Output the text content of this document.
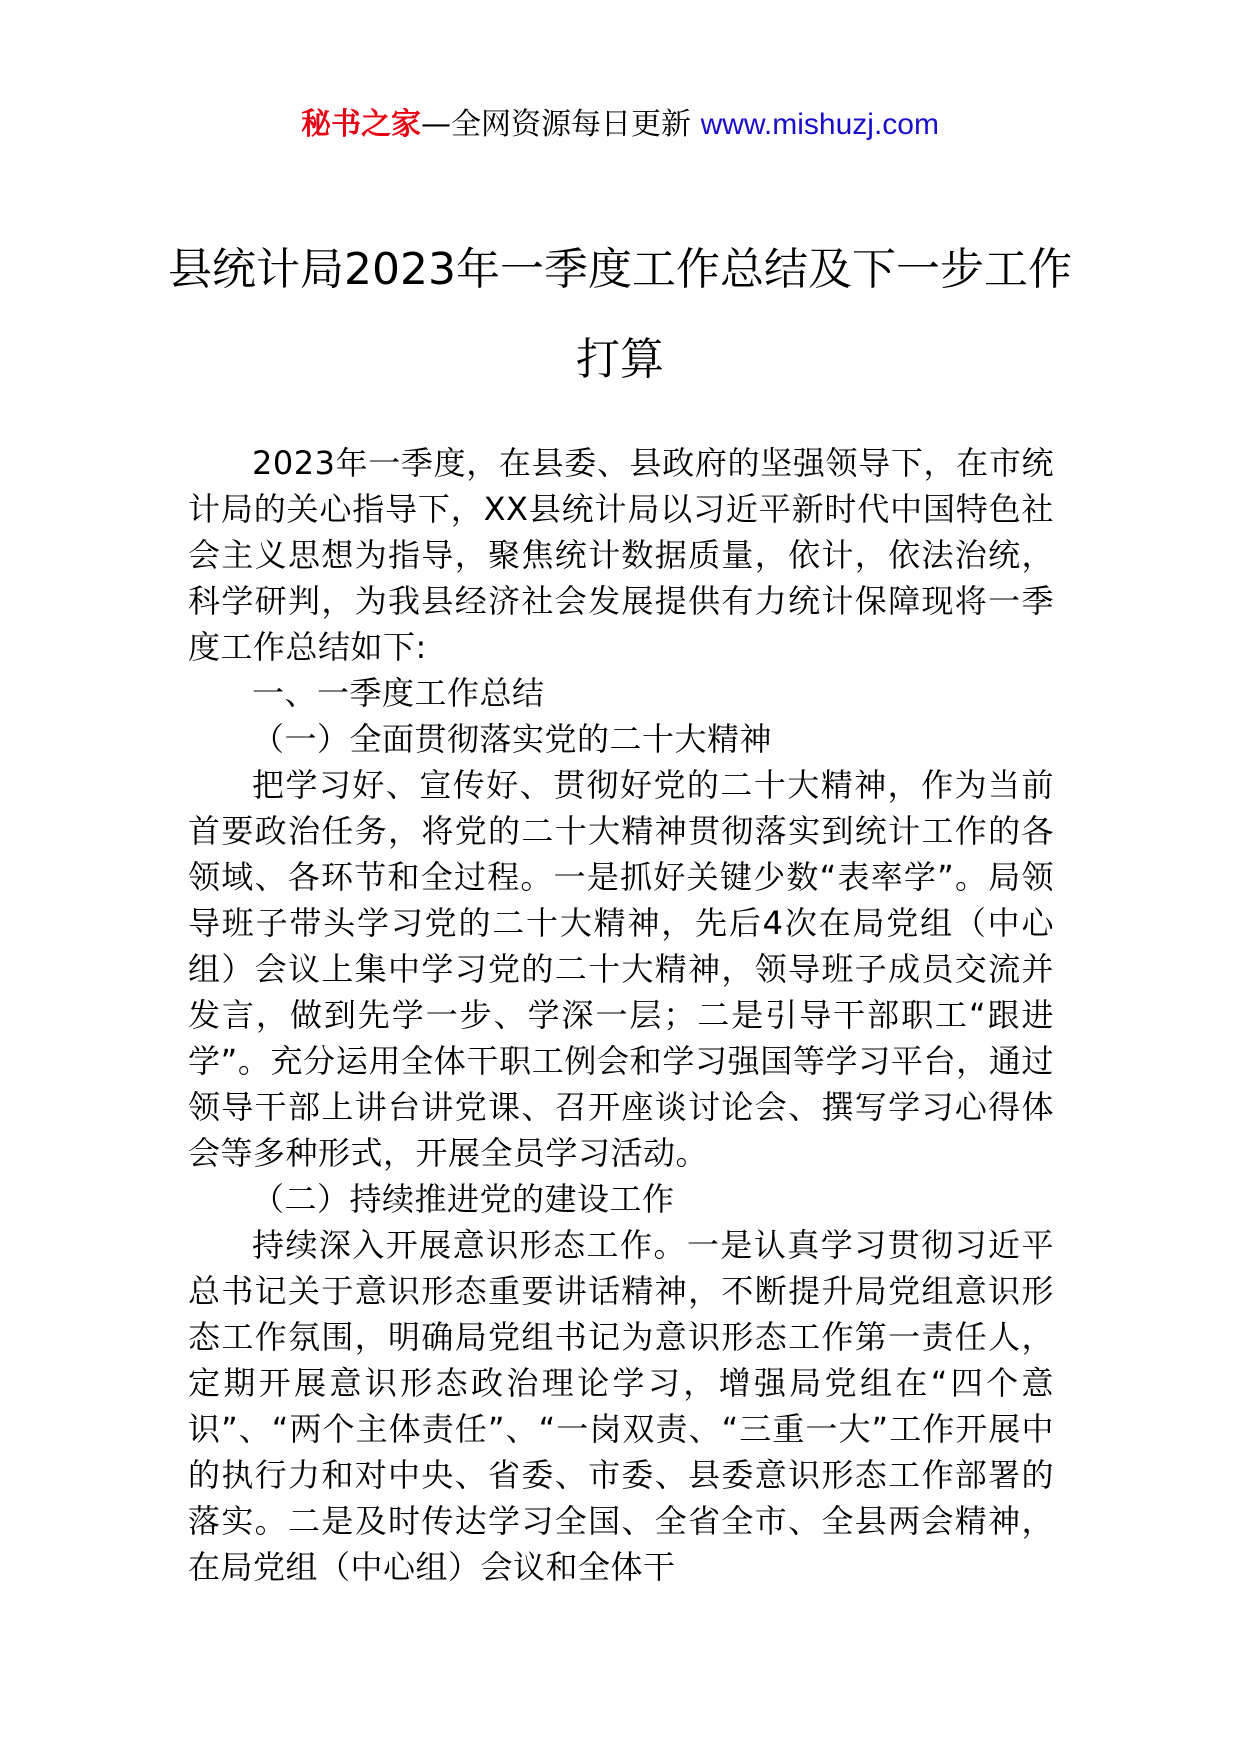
秘书之家—全网资源每日更新 www.mishuzj.com
县统计局2023年一季度工作总结及下一步工作打算

2023年一季度，在县委、县政府的坚强领导下，在市统计局的关心指导下，XX县统计局以习近平新时代中国特色社会主义思想为指导，聚焦统计数据质量，依计，依法治统，科学研判，为我县经济社会发展提供有力统计保障现将一季度工作总结如下:

一、一季度工作总结

（一）全面贯彻落实党的二十大精神

把学习好、宣传好、贯彻好党的二十大精神，作为当前首要政治任务，将党的二十大精神贯彻落实到统计工作的各领域、各环节和全过程。一是抓好关键少数“表率学”。局领导班子带头学习党的二十大精神，先后4次在局党组（中心组）会议上集中学习党的二十大精神，领导班子成员交流并发言，做到先学一步、学深一层；二是引导干部职工“跟进学”。充分运用全体干职工例会和学习强国等学习平台，通过领导干部上讲台讲党课、召开座谈讨论会、撰写学习心得体会等多种形式，开展全员学习活动。

（二）持续推进党的建设工作

持续深入开展意识形态工作。一是认真学习贯彻习近平总书记关于意识形态重要讲话精神，不断提升局党组意识形态工作氛围，明确局党组书记为意识形态工作第一责任人，定期开展意识形态政治理论学习，增强局党组在“四个意识”、“两个主体责任”、“一岗双责、“三重一大”工作开展中的执行力和对中央、省委、市委、县委意识形态工作部署的落实。二是及时传达学习全国、全省全市、全县两会精神，在局党组（中心组）会议和全体干
